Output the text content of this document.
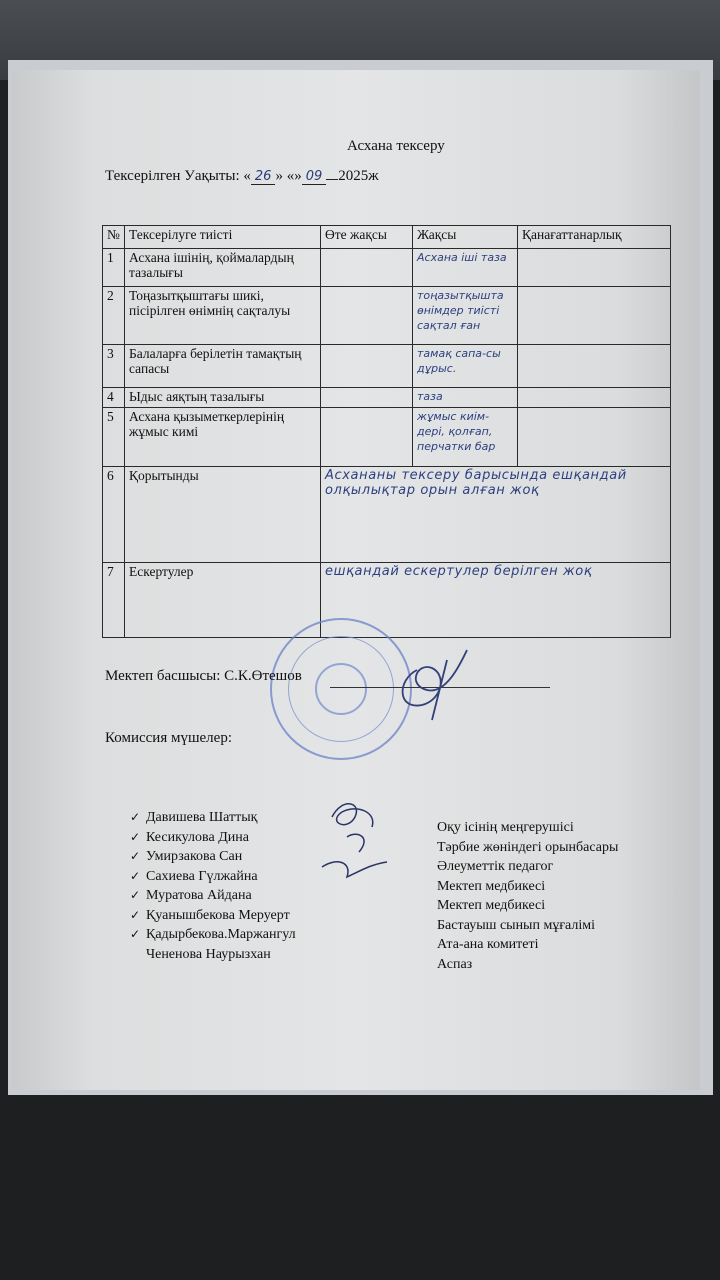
Асхана тексеру
Тексерілген Уақыты: « 26 » «» 09 2025ж
№	Тексерілуге тиісті	Өте жақсы	Жақсы	Қанағаттанарлық
1	Асхана ішінің, қоймалардың тазалығы		Асхана іші таза	
2	Тоңазытқыштағы шикі, пісірілген өнімнің сақталуы		тоңазытқышта өнімдер тиісті сақтал ған	
3	Балаларға берілетін тамақтың сапасы		тамақ сапа-сы дұрыс.	
4	Ыдыс аяқтың тазалығы		таза	
5	Асхана қызыметкерлерінің жұмыс кимі		жұмыс киім-дері, қолғап, перчатки бар	
6	Қорытынды	Асхананы тексеру барысында ешқандай олқылықтар орын алған жоқ		
7	Ескертулер	ешқандай ескертулер берілген жоқ		
Мектеп басшысы: С.К.Өтешов
Комиссия мүшелер:
✓ Давишева Шаттық
✓ Кесикулова Дина
✓ Умирзакова Сан
✓ Сахиева Гүлжайна
✓ Муратова Айдана
✓ Қуанышбекова Меруерт
✓ Қадырбекова.Маржангул
Чененова Наурызхан
Оқу ісінің меңгерушісі
Тәрбие жөніндегі орынбасары
Әлеуметтік педагог
Мектеп медбикесі
Мектеп медбикесі
Бастауыш сынып мұғалімі
Ата-ана комитеті
Аспаз
